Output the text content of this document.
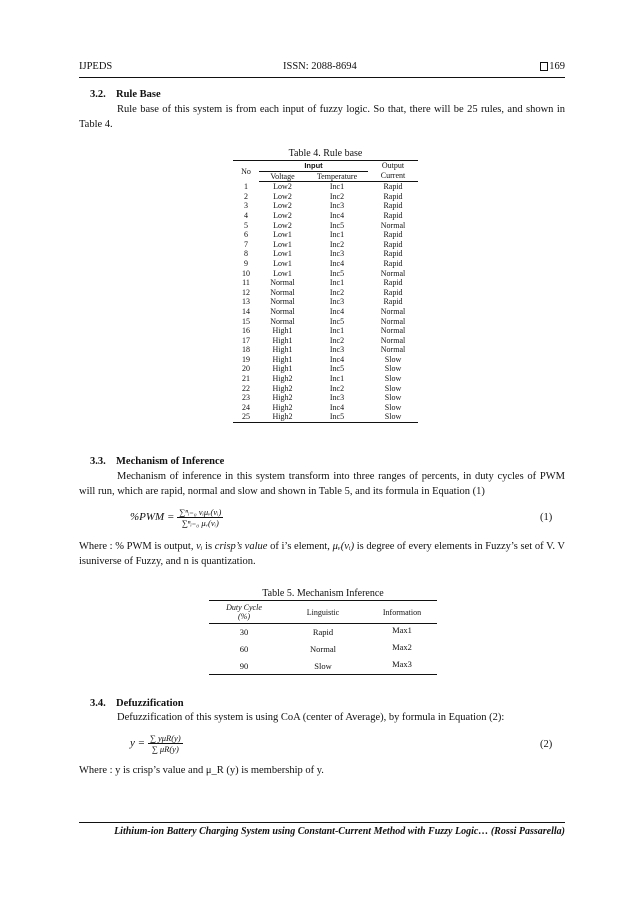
IJPEDS	ISSN: 2088-8694	169
3.2. Rule Base
Rule base of this system is from each input of fuzzy logic. So that, there will be 25 rules, and shown in Table 4.
Table 4. Rule base
No	Input		Output
	Voltage	Temperature	Current
1	Low2	Inc1	Rapid
2	Low2	Inc2	Rapid
3	Low2	Inc3	Rapid
4	Low2	Inc4	Rapid
5	Low2	Inc5	Normal
6	Low1	Inc1	Rapid
7	Low1	Inc2	Rapid
8	Low1	Inc3	Rapid
9	Low1	Inc4	Rapid
10	Low1	Inc5	Normal
11	Normal	Inc1	Rapid
12	Normal	Inc2	Rapid
13	Normal	Inc3	Rapid
14	Normal	Inc4	Normal
15	Normal	Inc5	Normal
16	High1	Inc1	Normal
17	High1	Inc2	Normal
18	High1	Inc3	Normal
19	High1	Inc4	Slow
20	High1	Inc5	Slow
21	High2	Inc1	Slow
22	High2	Inc2	Slow
23	High2	Inc3	Slow
24	High2	Inc4	Slow
25	High2	Inc5	Slow
3.3. Mechanism of Inference
Mechanism of inference in this system transform into three ranges of percents, in duty cycles of PWM will run, which are rapid, normal and slow and shown in Table 5, and its formula in Equation (1)
$\%PWM = \frac{\text{∑ⁿᵢ₌₀ vᵢμᵥ(vᵢ)}}{\text{∑ⁿᵢ₌₀ μᵥ(vᵢ)}}$	(1)
Where : % PWM is output, vᵢ is crisp’s value of i’s element, μᵥ(vᵢ) is degree of every elements in Fuzzy’s set of V. V isuniverse of Fuzzy, and n is quantization.
Table 5. Mechanism Inference
Duty Cycle
(%)	Linguistic	Information
30	Rapid	Max1
60	Normal	Max2
90	Slow	Max3
3.4. Defuzzification
Defuzzification of this system is using CoA (center of Average), by formula in Equation (2):
$y = \frac{\text{∑ yμR(y)}}{\sum \mu R(y)}$	(2)
Where : y is crisp’s value and μ_R (y) is membership of y.
Lithium-ion Battery Charging System using Constant-Current Method with Fuzzy Logic… (Rossi Passarella)
